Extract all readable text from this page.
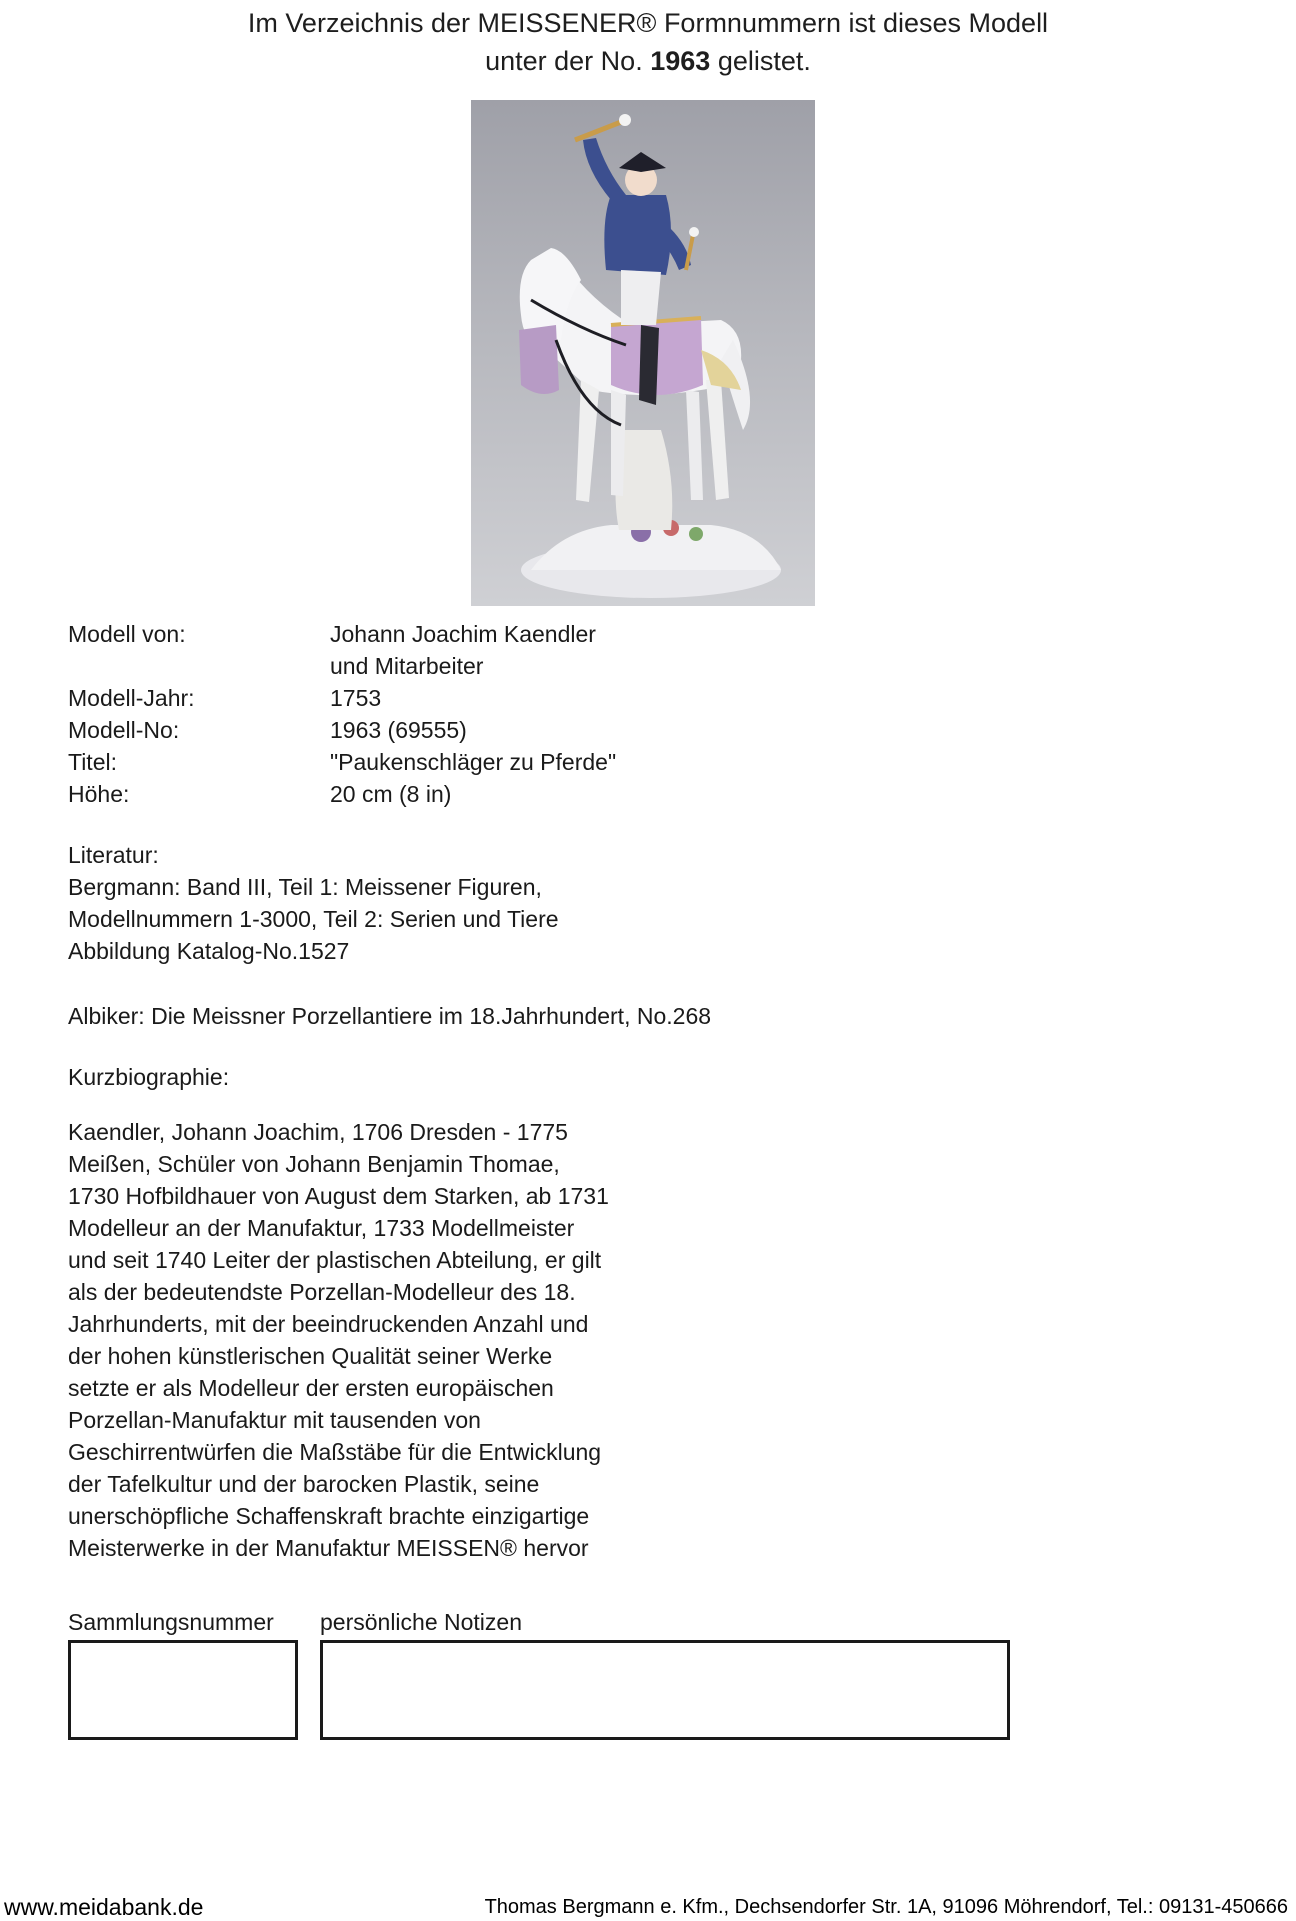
Im Verzeichnis der MEISSENER® Formnummern ist dieses Modell
unter der No. 1963 gelistet.
Modell von:	Johann Joachim Kaendler
und Mitarbeiter
Modell-Jahr:	1753
Modell-No:	1963 (69555)
Titel:	"Paukenschläger zu Pferde"
Höhe:	20 cm (8 in)

Literatur:

Bergmann: Band III, Teil 1: Meissener Figuren,

Modellnummern 1-3000, Teil 2: Serien und Tiere

Abbildung Katalog-No.1527

Albiker: Die Meissner Porzellantiere im 18.Jahrhundert, No.268
Kurzbiographie:

Kaendler, Johann Joachim, 1706 Dresden - 1775

Meißen, Schüler von Johann Benjamin Thomae,

1730 Hofbildhauer von August dem Starken, ab 1731

Modelleur an der Manufaktur, 1733 Modellmeister

und seit 1740 Leiter der plastischen Abteilung, er gilt

als der bedeutendste Porzellan-Modelleur des 18.

Jahrhunderts, mit der beeindruckenden Anzahl und

der hohen künstlerischen Qualität seiner Werke

setzte er als Modelleur der ersten europäischen

Porzellan-Manufaktur mit tausenden von

Geschirrentwürfen die Maßstäbe für die Entwicklung

der Tafelkultur und der barocken Plastik, seine

unerschöpfliche Schaffenskraft brachte einzigartige

Meisterwerke in der Manufaktur MEISSEN® hervor

Sammlungsnummer persönliche Notizen
www.meidabank.de	Thomas Bergmann e. Kfm., Dechsendorfer Str. 1A, 91096 Möhrendorf, Tel.: 09131-450666
